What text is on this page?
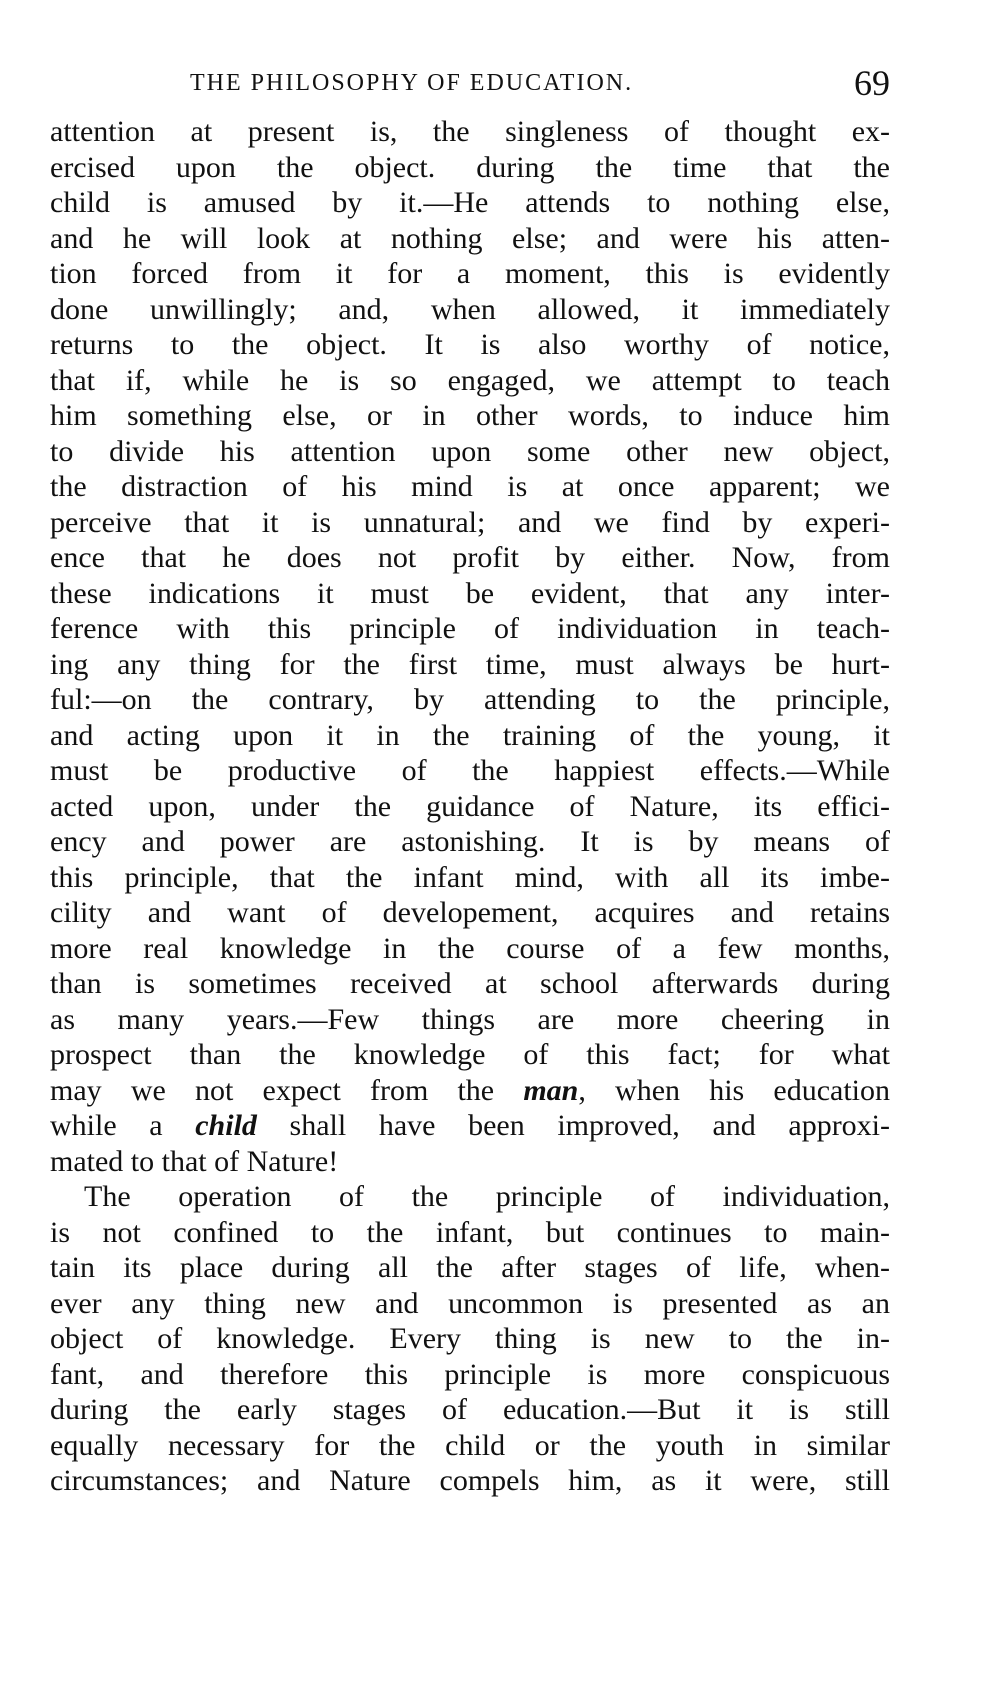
THE PHILOSOPHY OF EDUCATION.	69
attention at present is, the singleness of thought ex-
ercised upon the object. during the time that the
child is amused by it.—He attends to nothing else,
and he will look at nothing else; and were his atten-
tion forced from it for a moment, this is evidently
done unwillingly; and, when allowed, it immediately
returns to the object. It is also worthy of notice,
that if, while he is so engaged, we attempt to teach
him something else, or in other words, to induce him
to divide his attention upon some other new object,
the distraction of his mind is at once apparent; we
perceive that it is unnatural; and we find by experi-
ence that he does not profit by either. Now, from
these indications it must be evident, that any inter-
ference with this principle of individuation in teach-
ing any thing for the first time, must always be hurt-
ful:—on the contrary, by attending to the principle,
and acting upon it in the training of the young, it
must be productive of the happiest effects.—While
acted upon, under the guidance of Nature, its effici-
ency and power are astonishing. It is by means of
this principle, that the infant mind, with all its imbe-
cility and want of developement, acquires and retains
more real knowledge in the course of a few months,
than is sometimes received at school afterwards during
as many years.—Few things are more cheering in
prospect than the knowledge of this fact; for what
may we not expect from the man, when his education
while a child shall have been improved, and approxi-
mated to that of Nature!
The operation of the principle of individuation,
is not confined to the infant, but continues to main-
tain its place during all the after stages of life, when-
ever any thing new and uncommon is presented as an
object of knowledge. Every thing is new to the in-
fant, and therefore this principle is more conspicuous
during the early stages of education.—But it is still
equally necessary for the child or the youth in similar
circumstances; and Nature compels him, as it were, still
